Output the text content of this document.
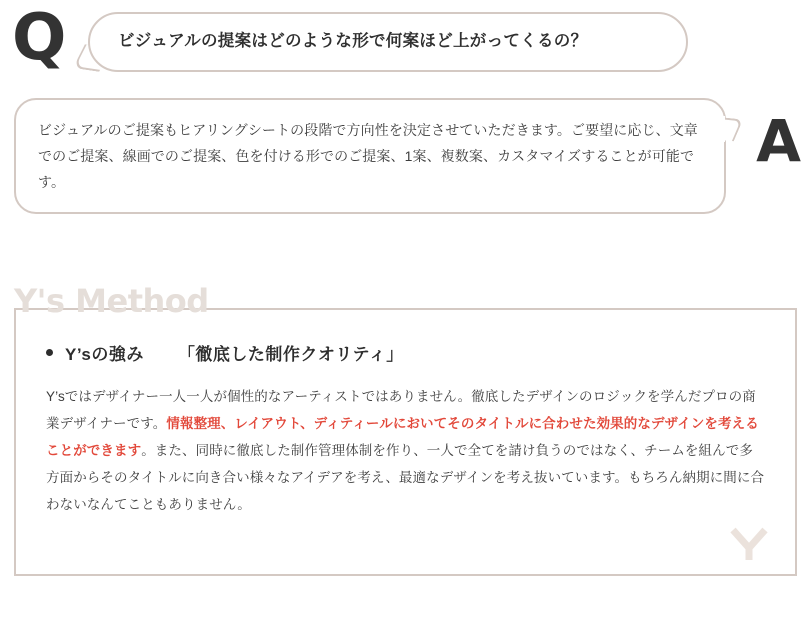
Q	ビジュアルの提案はどのような形で何案ほど上がってくるの？
ビジュアルのご提案もヒアリングシートの段階で方向性を決定させていただきます。ご要望に応じ、文章でのご提案、線画でのご提案、色を付ける形でのご提案、1案、複数案、カスタマイズすることが可能です。
A
Y's Method
Y’sの強み 「徹底した制作クオリティ」
Y’sではデザイナー一人一人が個性的なアーティストではありません。徹底したデザインのロジックを学んだプロの商業デザイナーです。情報整理、レイアウト、ディティールにおいてそのタイトルに合わせた効果的なデザインを考えることができます。また、同時に徹底した制作管理体制を作り、一人で全てを請け負うのではなく、チームを組んで多方面からそのタイトルに向き合い様々なアイデアを考え、最適なデザインを考え抜いています。もちろん納期に間に合わないなんてこともありません。
